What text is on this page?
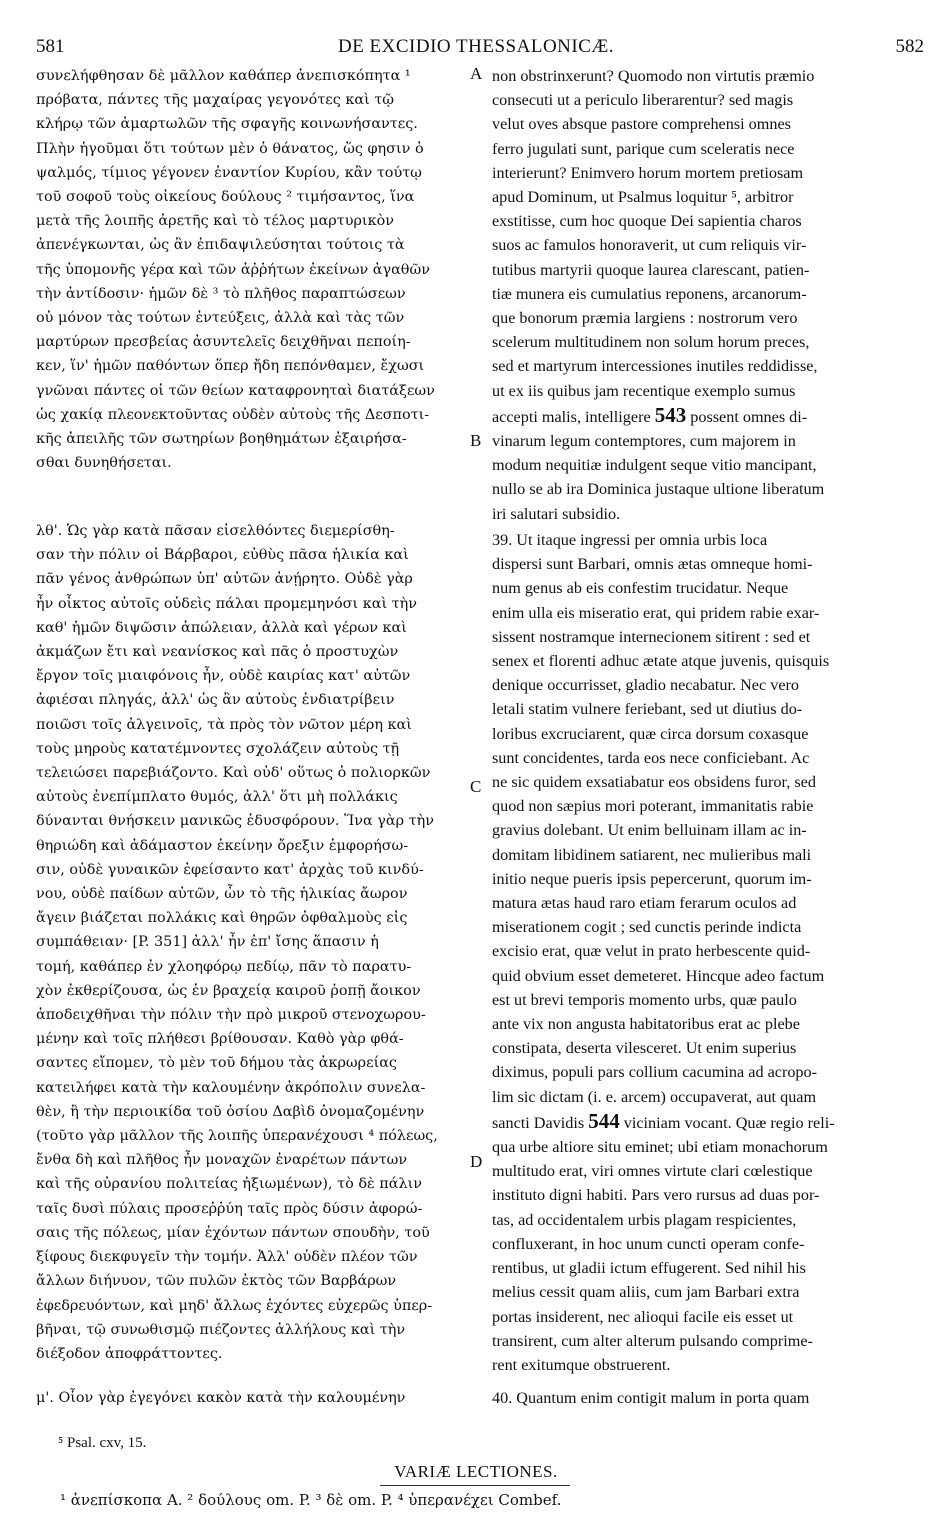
581	DE EXCIDIO THESSALONICÆ.	582
A
B
C
D
συνελήφθησαν δὲ μᾶλλον καθάπερ ἀνεπισκόπητα ¹
πρόβατα, πάντες τῆς μαχαίρας γεγονότες καὶ τῷ
κλήρῳ τῶν ἁμαρτωλῶν τῆς σφαγῆς κοινωνήσαντες.
Πλὴν ἡγοῦμαι ὅτι τούτων μὲν ὁ θάνατος, ὥς φησιν ὁ
ψαλμός, τίμιος γέγονεν ἐναντίον Κυρίου, κἂν τούτῳ
τοῦ σοφοῦ τοὺς οἰκείους δούλους ² τιμήσαντος, ἵνα
μετὰ τῆς λοιπῆς ἀρετῆς καὶ τὸ τέλος μαρτυρικὸν
ἀπενέγκωνται, ὡς ἂν ἐπιδαψιλεύσηται τούτοις τὰ
τῆς ὑπομονῆς γέρα καὶ τῶν ἀῤῥήτων ἐκείνων ἀγαθῶν
τὴν ἀντίδοσιν· ἡμῶν δὲ ³ τὸ πλῆθος παραπτώσεων
οὐ μόνον τὰς τούτων ἐντεύξεις, ἀλλὰ καὶ τὰς τῶν
μαρτύρων πρεσβείας ἀσυντελεῖς δειχθῆναι πεποίη-
κεν, ἵν' ἡμῶν παθόντων ὅπερ ἤδη πεπόνθαμεν, ἔχωσι
γνῶναι πάντες οἱ τῶν θείων καταφρονηταὶ διατάξεων
ὡς χακίᾳ πλεονεκτοῦντας οὐδὲν αὐτοὺς τῆς Δεσποτι-
κῆς ἀπειλῆς τῶν σωτηρίων βοηθημάτων ἐξαιρήσα-
σθαι δυνηθήσεται.
λθ'. Ὡς γὰρ κατὰ πᾶσαν εἰσελθόντες διεμερίσθη-
σαν τὴν πόλιν οἱ Βάρβαροι, εὐθὺς πᾶσα ἡλικία καὶ
πᾶν γένος ἀνθρώπων ὑπ' αὐτῶν ἀνῄρητο. Οὐδὲ γὰρ
ἦν οἶκτος αὐτοῖς οὐδεὶς πάλαι προμεμηνόσι καὶ τὴν
καθ' ἡμῶν διψῶσιν ἀπώλειαν, ἀλλὰ καὶ γέρων καὶ
ἀκμάζων ἔτι καὶ νεανίσκος καὶ πᾶς ὁ προστυχὼν
ἔργον τοῖς μιαιφόνοις ἦν, οὐδὲ καιρίας κατ' αὐτῶν
ἀφιέσαι πληγάς, ἀλλ' ὡς ἂν αὐτοὺς ἐνδιατρίβειν
ποιῶσι τοῖς ἀλγεινοῖς, τὰ πρὸς τὸν νῶτον μέρη καὶ
τοὺς μηροὺς κατατέμνοντες σχολάζειν αὐτοὺς τῇ
τελειώσει παρεβιάζοντο. Καὶ οὐδ' οὕτως ὁ πολιορκῶν
αὐτοὺς ἐνεπίμπλατο θυμός, ἀλλ' ὅτι μὴ πολλάκις
δύνανται θνήσκειν μανικῶς ἐδυσφόρουν. Ἵνα γὰρ τὴν
θηριώδη καὶ ἀδάμαστον ἐκείνην ὄρεξιν ἐμφορήσω-
σιν, οὐδὲ γυναικῶν ἐφείσαντο κατ' ἀρχὰς τοῦ κινδύ-
νου, οὐδὲ παίδων αὐτῶν, ὧν τὸ τῆς ἡλικίας ἄωρον
ἄγειν βιάζεται πολλάκις καὶ θηρῶν ὀφθαλμοὺς εἰς
συμπάθειαν· [P. 351] ἀλλ' ἦν ἐπ' ἴσης ἅπασιν ἡ
τομή, καθάπερ ἐν χλοηφόρῳ πεδίῳ, πᾶν τὸ παρατυ-
χὸν ἐκθερίζουσα, ὡς ἐν βραχείᾳ καιροῦ ῥοπῇ ἄοικον
ἀποδειχθῆναι τὴν πόλιν τὴν πρὸ μικροῦ στενοχωρου-
μένην καὶ τοῖς πλήθεσι βρίθουσαν. Καθὸ γὰρ φθά-
σαντες εἴπομεν, τὸ μὲν τοῦ δήμου τὰς ἀκρωρείας
κατειλήφει κατὰ τὴν καλουμένην ἀκρόπολιν συνελα-
θὲν, ἢ τὴν περιοικίδα τοῦ ὁσίου Δαβὶδ ὀνομαζομένην
(τοῦτο γὰρ μᾶλλον τῆς λοιπῆς ὑπερανέχουσι ⁴ πόλεως,
ἔνθα δὴ καὶ πλῆθος ἦν μοναχῶν ἐναρέτων πάντων
καὶ τῆς οὐρανίου πολιτείας ἠξιωμένων), τὸ δὲ πάλιν
ταῖς δυσὶ πύλαις προσεῤῥύη ταῖς πρὸς δύσιν ἀφορώ-
σαις τῆς πόλεως, μίαν ἐχόντων πάντων σπουδὴν, τοῦ
ξίφους διεκφυγεῖν τὴν τομήν. Ἀλλ' οὐδὲν πλέον τῶν
ἄλλων διήνυον, τῶν πυλῶν ἐκτὸς τῶν Βαρβάρων
ἐφεδρευόντων, καὶ μηδ' ἄλλως ἐχόντες εὐχερῶς ὑπερ-
βῆναι, τῷ συνωθισμῷ πιέζοντες ἀλλήλους καὶ τὴν
διέξοδον ἀποφράττοντες.
μ'. Οἷον γὰρ ἐγεγόνει κακὸν κατὰ τὴν καλουμένην
non obstrinxerunt? Quomodo non virtutis præmio
consecuti ut a periculo liberarentur? sed magis
velut oves absque pastore comprehensi omnes
ferro jugulati sunt, parique cum sceleratis nece
interierunt? Enimvero horum mortem pretiosam
apud Dominum, ut Psalmus loquitur ⁵, arbitror
exstitisse, cum hoc quoque Dei sapientia charos
suos ac famulos honoraverit, ut cum reliquis vir-
tutibus martyrii quoque laurea clarescant, patien-
tiæ munera eis cumulatius reponens, arcanorum-
que bonorum præmia largiens : nostrorum vero
scelerum multitudinem non solum horum preces,
sed et martyrum intercessiones inutiles reddidisse,
ut ex iis quibus jam recentique exemplo sumus
accepti malis, intelligere 543 possent omnes di-
vinarum legum contemptores, cum majorem in
modum nequitiæ indulgent seque vitio mancipant,
nullo se ab ira Dominica justaque ultione liberatum
iri salutari subsidio.
39. Ut itaque ingressi per omnia urbis loca
dispersi sunt Barbari, omnis ætas omneque homi-
num genus ab eis confestim trucidatur. Neque
enim ulla eis miseratio erat, qui pridem rabie exar-
sissent nostramque internecionem sitirent : sed et
senex et florenti adhuc ætate atque juvenis, quisquis
denique occurrisset, gladio necabatur. Nec vero
letali statim vulnere feriebant, sed ut diutius do-
loribus excruciarent, quæ circa dorsum coxasque
sunt concidentes, tarda eos nece conficiebant. Ac
ne sic quidem exsatiabatur eos obsidens furor, sed
quod non sæpius mori poterant, immanitatis rabie
gravius dolebant. Ut enim belluinam illam ac in-
domitam libidinem satiarent, nec mulieribus mali
initio neque pueris ipsis pepercerunt, quorum im-
matura ætas haud raro etiam ferarum oculos ad
miserationem cogit ; sed cunctis perinde indicta
excisio erat, quæ velut in prato herbescente quid-
quid obvium esset demeteret. Hincque adeo factum
est ut brevi temporis momento urbs, quæ paulo
ante vix non angusta habitatoribus erat ac plebe
constipata, deserta vilesceret. Ut enim superius
diximus, populi pars collium cacumina ad acropo-
lim sic dictam (i. e. arcem) occupaverat, aut quam
sancti Davidis 544 viciniam vocant. Quæ regio reli-
qua urbe altiore situ eminet; ubi etiam monachorum
multitudo erat, viri omnes virtute clari cœlestique
instituto digni habiti. Pars vero rursus ad duas por-
tas, ad occidentalem urbis plagam respicientes,
confluxerant, in hoc unum cuncti operam confe-
rentibus, ut gladii ictum effugerent. Sed nihil his
melius cessit quam aliis, cum jam Barbari extra
portas insiderent, nec alioqui facile eis esset ut
transirent, cum alter alterum pulsando comprime-
rent exitumque obstruerent.
40. Quantum enim contigit malum in porta quam
⁵ Psal. cxv, 15.
VARIÆ LECTIONES.
¹ ἀνεπίσκοπα A. ² δούλους om. P. ³ δὲ om. P. ⁴ ὑπερανέχει Combef.
